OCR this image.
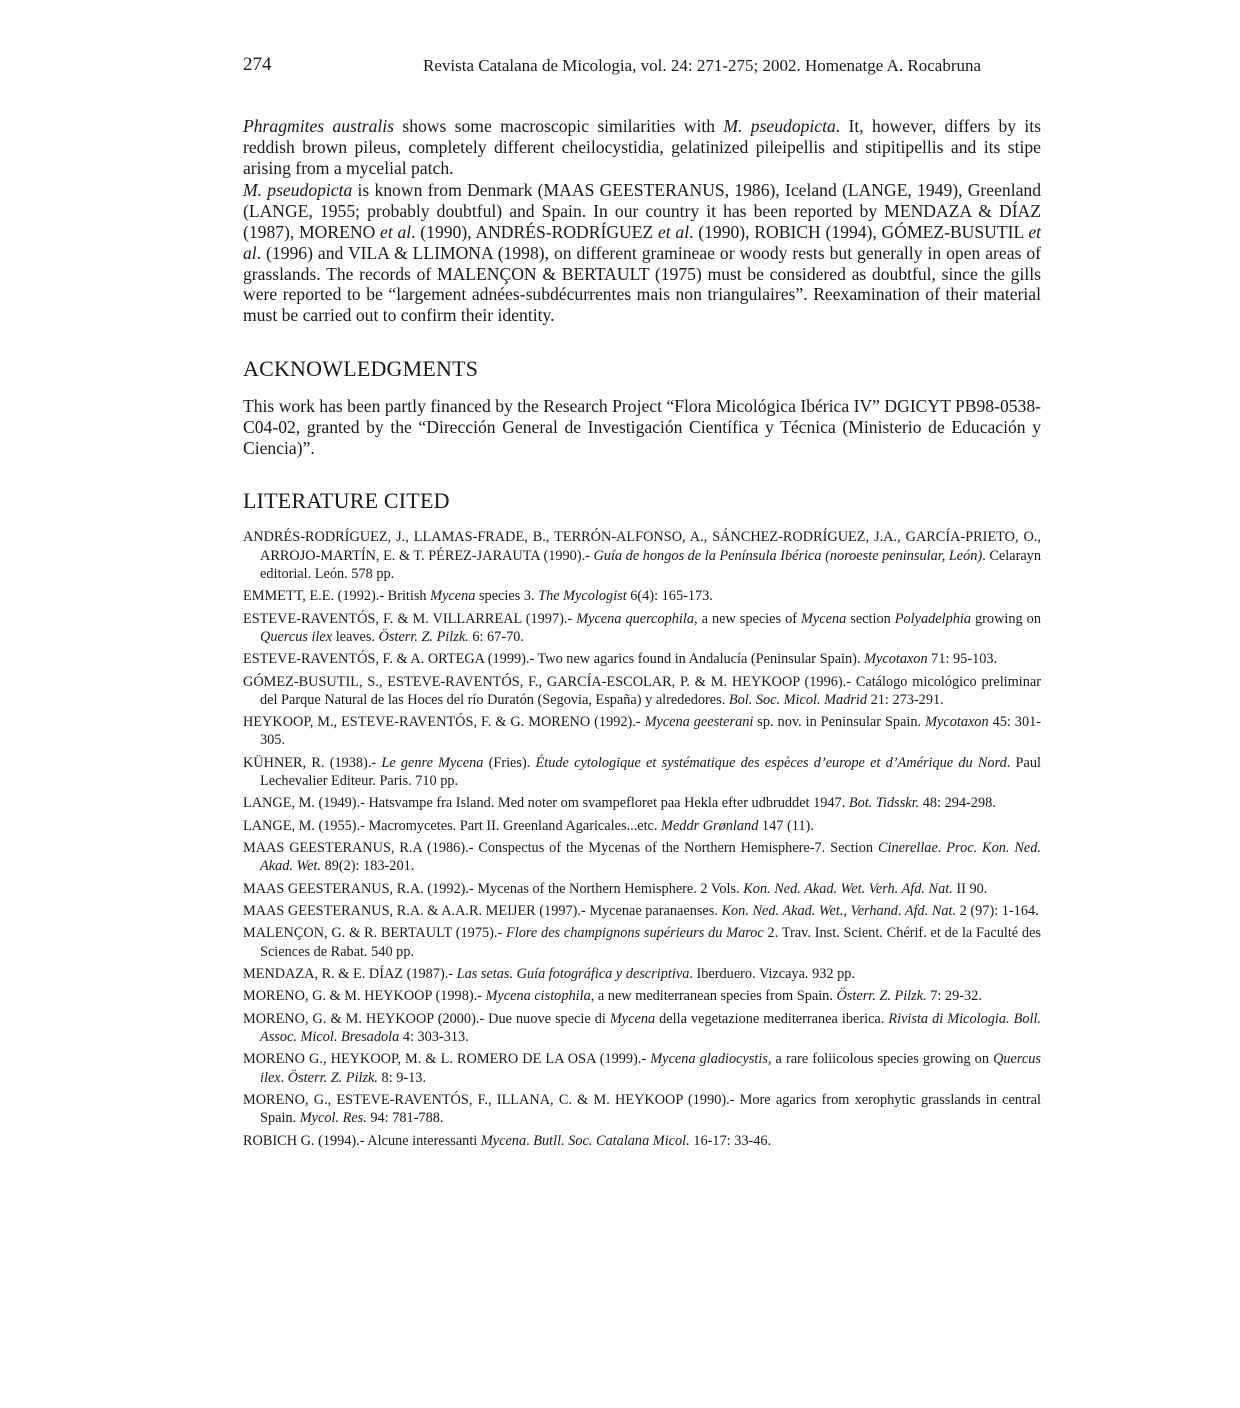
274	Revista Catalana de Micologia, vol. 24: 271-275; 2002. Homenatge A. Rocabruna

Phragmites australis shows some macroscopic similarities with M. pseudopicta. It, however, differs by its reddish brown pileus, completely different cheilocystidia, gelatinized pileipellis and stipitipellis and its stipe arising from a mycelial patch.

M. pseudopicta is known from Denmark (MAAS GEESTERANUS, 1986), Iceland (LANGE, 1949), Greenland (LANGE, 1955; probably doubtful) and Spain. In our country it has been reported by MENDAZA & DÍAZ (1987), MORENO et al. (1990), ANDRÉS-RODRÍGUEZ et al. (1990), ROBICH (1994), GÓMEZ-BUSUTIL et al. (1996) and VILA & LLIMONA (1998), on different gramineae or woody rests but generally in open areas of grasslands. The records of MALENÇON & BERTAULT (1975) must be considered as doubtful, since the gills were reported to be “largement adnées-subdécurrentes mais non triangulaires”. Reexamination of their material must be carried out to confirm their identity.

ACKNOWLEDGMENTS

This work has been partly financed by the Research Project “Flora Micológica Ibérica IV” DGICYT PB98-0538-C04-02, granted by the “Dirección General de Investigación Científica y Técnica (Ministerio de Educación y Ciencia)”.

LITERATURE CITED

ANDRÉS-RODRÍGUEZ, J., LLAMAS-FRADE, B., TERRÓN-ALFONSO, A., SÁNCHEZ-RODRÍGUEZ, J.A., GARCÍA-PRIETO, O., ARROJO-MARTÍN, E. & T. PÉREZ-JARAUTA (1990).- Guía de hongos de la Península Ibérica (noroeste peninsular, León). Celarayn editorial. León. 578 pp.

EMMETT, E.E. (1992).- British Mycena species 3. The Mycologist 6(4): 165-173.

ESTEVE-RAVENTÓS, F. & M. VILLARREAL (1997).- Mycena quercophila, a new species of Mycena section Polyadelphia growing on Quercus ilex leaves. Österr. Z. Pilzk. 6: 67-70.

ESTEVE-RAVENTÓS, F. & A. ORTEGA (1999).- Two new agarics found in Andalucía (Peninsular Spain). Mycotaxon 71: 95-103.

GÓMEZ-BUSUTIL, S., ESTEVE-RAVENTÓS, F., GARCÍA-ESCOLAR, P. & M. HEYKOOP (1996).- Catálogo micológico preliminar del Parque Natural de las Hoces del río Duratón (Segovia, España) y alrededores. Bol. Soc. Micol. Madrid 21: 273-291.

HEYKOOP, M., ESTEVE-RAVENTÓS, F. & G. MORENO (1992).- Mycena geesterani sp. nov. in Peninsular Spain. Mycotaxon 45: 301-305.

KÜHNER, R. (1938).- Le genre Mycena (Fries). Étude cytologique et systématique des espèces d’europe et d’Amérique du Nord. Paul Lechevalier Editeur. Paris. 710 pp.

LANGE, M. (1949).- Hatsvampe fra Island. Med noter om svampefloret paa Hekla efter udbruddet 1947. Bot. Tidsskr. 48: 294-298.

LANGE, M. (1955).- Macromycetes. Part II. Greenland Agaricales...etc. Meddr Grønland 147 (11).

MAAS GEESTERANUS, R.A (1986).- Conspectus of the Mycenas of the Northern Hemisphere-7. Section Cinerellae. Proc. Kon. Ned. Akad. Wet. 89(2): 183-201.

MAAS GEESTERANUS, R.A. (1992).- Mycenas of the Northern Hemisphere. 2 Vols. Kon. Ned. Akad. Wet. Verh. Afd. Nat. II 90.

MAAS GEESTERANUS, R.A. & A.A.R. MEIJER (1997).- Mycenae paranaenses. Kon. Ned. Akad. Wet., Verhand. Afd. Nat. 2 (97): 1-164.

MALENÇON, G. & R. BERTAULT (1975).- Flore des champignons supérieurs du Maroc 2. Trav. Inst. Scient. Chérif. et de la Faculté des Sciences de Rabat. 540 pp.

MENDAZA, R. & E. DÍAZ (1987).- Las setas. Guía fotográfica y descriptiva. Iberduero. Vizcaya. 932 pp.

MORENO, G. & M. HEYKOOP (1998).- Mycena cistophila, a new mediterranean species from Spain. Österr. Z. Pilzk. 7: 29-32.

MORENO, G. & M. HEYKOOP (2000).- Due nuove specie di Mycena della vegetazione mediterranea iberica. Rivista di Micologia. Boll. Assoc. Micol. Bresadola 4: 303-313.

MORENO G., HEYKOOP, M. & L. ROMERO DE LA OSA (1999).- Mycena gladiocystis, a rare foliicolous species growing on Quercus ilex. Österr. Z. Pilzk. 8: 9-13.

MORENO, G., ESTEVE-RAVENTÓS, F., ILLANA, C. & M. HEYKOOP (1990).- More agarics from xerophytic grasslands in central Spain. Mycol. Res. 94: 781-788.

ROBICH G. (1994).- Alcune interessanti Mycena. Butll. Soc. Catalana Micol. 16-17: 33-46.
